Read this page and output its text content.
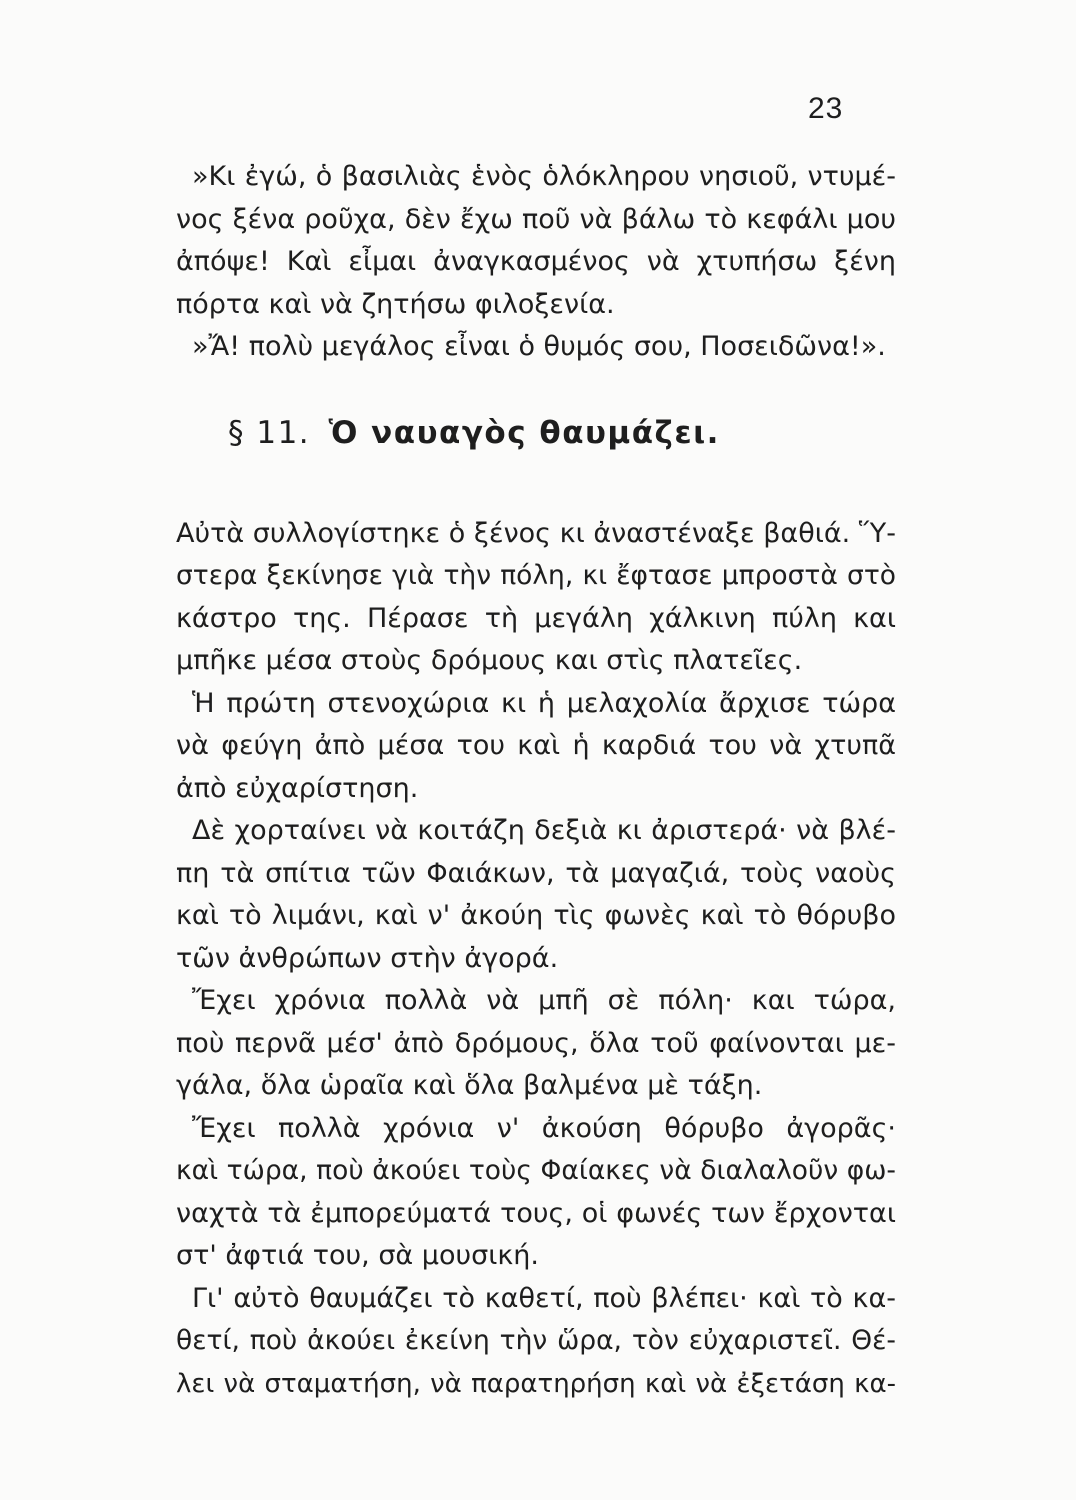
23
»Κι ἐγώ, ὁ βασιλιὰς ἑνὸς ὁλόκληρου νησιοῦ, ντυμέ-
νος ξένα ροῦχα, δὲν ἔχω ποῦ νὰ βάλω τὸ κεφάλι μου
ἀπόψε! Καὶ εἶμαι ἀναγκασμένος νὰ χτυπήσω ξένη
πόρτα καὶ νὰ ζητήσω φιλοξενία.
»Ἄ! πολὺ μεγάλος εἶναι ὁ θυμός σου, Ποσειδῶνα!».
§ 11. Ὁ ναυαγὸς θαυμάζει.
Αὐτὰ συλλογίστηκε ὁ ξένος κι ἀναστέναξε βαθιά. Ὕ-
στερα ξεκίνησε γιὰ τὴν πόλη, κι ἔφτασε μπροστὰ στὸ
κάστρο της. Πέρασε τὴ μεγάλη χάλκινη πύλη και
μπῆκε μέσα στοὺς δρόμους και στὶς πλατεῖες.
Ἡ πρώτη στενοχώρια κι ἡ μελαχολία ἄρχισε τώρα
νὰ φεύγη ἀπὸ μέσα του καὶ ἡ καρδιά του νὰ χτυπᾶ
ἀπὸ εὐχαρίστηση.
Δὲ χορταίνει νὰ κοιτάζη δεξιὰ κι ἀριστερά· νὰ βλέ-
πη τὰ σπίτια τῶν Φαιάκων, τὰ μαγαζιά, τοὺς ναοὺς
καὶ τὸ λιμάνι, καὶ ν' ἀκούη τὶς φωνὲς καὶ τὸ θόρυβο
τῶν ἀνθρώπων στὴν ἀγορά.
Ἔχει χρόνια πολλὰ νὰ μπῆ σὲ πόλη· και τώρα,
ποὺ περνᾶ μέσ' ἀπὸ δρόμους, ὅλα τοῦ φαίνονται με-
γάλα, ὅλα ὡραῖα καὶ ὅλα βαλμένα μὲ τάξη.
Ἔχει πολλὰ χρόνια ν' ἀκούση θόρυβο ἀγορᾶς·
καὶ τώρα, ποὺ ἀκούει τοὺς Φαίακες νὰ διαλαλοῦν φω-
ναχτὰ τὰ ἐμπορεύματά τους, οἱ φωνές των ἔρχονται
στ' ἀφτιά του, σὰ μουσική.
Γι' αὐτὸ θαυμάζει τὸ καθετί, ποὺ βλέπει· καὶ τὸ κα-
θετί, ποὺ ἀκούει ἐκείνη τὴν ὥρα, τὸν εὐχαριστεῖ. Θέ-
λει νὰ σταματήση, νὰ παρατηρήση καὶ νὰ ἐξετάση κα-
